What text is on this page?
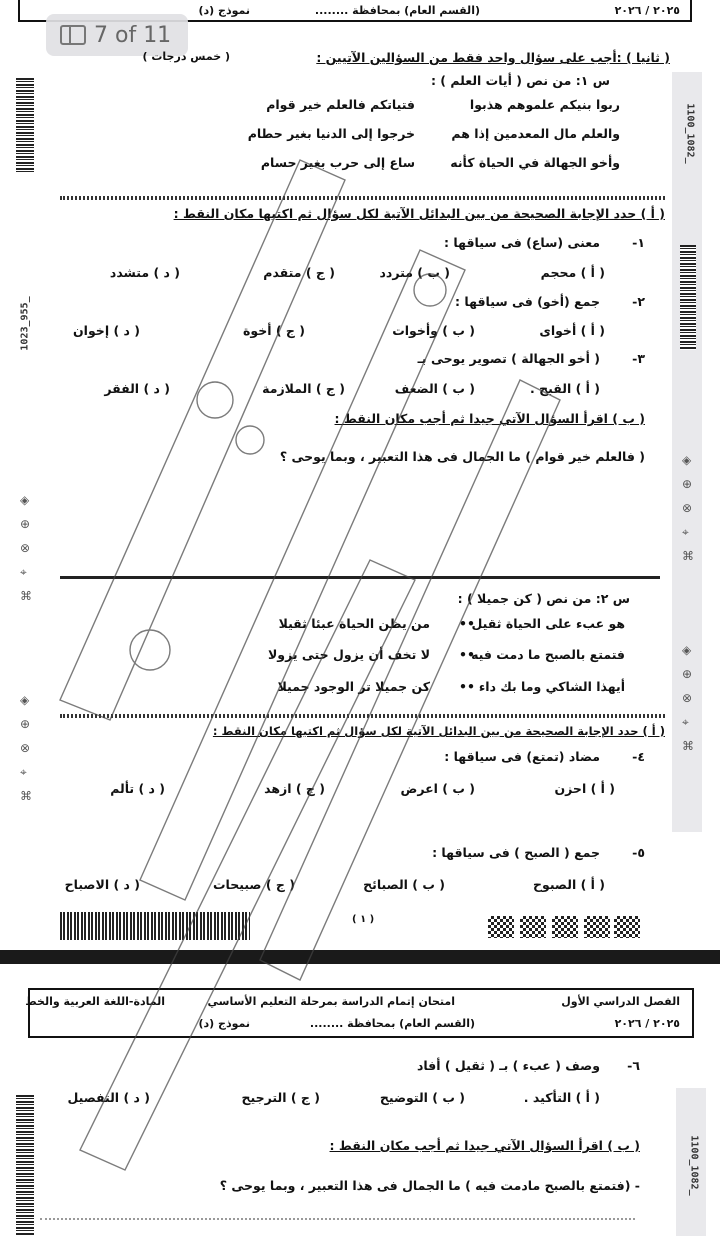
٢٠٢٥ / ٢٠٢٦
(القسم العام) بمحافظة ........
نموذج (د)
7 of 11
1023_955_
1100_1082_
◈
⊕
⊗
⌖
⌘
◈
⊕
⊗
⌖
⌘
◈
⊕
⊗
⌖
⌘
◈
⊕
⊗
⌖
⌘
( ثانيا ) :أجب على سؤال واحد فقط من السؤالين الآتيين :
( خمس درجات )
س ١: من نص ( أيات العلم ) :
ربوا بنيكم علموهم هذبوا
فتياتكم فالعلم خير قوام
والعلم مال المعدمين إذا هم
خرجوا إلى الدنيا بغير حطام
وأخو الجهالة في الحياة كأنه
ساع إلى حرب بغير حسام
( أ ) حدد الإجابة الصحيحة من بين البدائل الآتية لكل سؤال ثم اكتبها مكان النقط :
١-
معنى (ساع) فى سياقها :
( أ ) محجم
( ب ) متردد
( ج ) متقدم
( د ) متشدد
٢-
جمع (أخو) فى سياقها :
( أ ) أخواى
( ب ) وأخوات
( ج ) أخوة
( د ) إخوان
٣-
( أخو الجهالة ) تصوير يوحى بـ
( أ ) القبح .
( ب ) الضعف
( ج ) الملازمة
( د ) الفقر
( ب ) اقرأ السؤال الآتي جيدا ثم أجب مكان النقط :
( فالعلم خير قوام ) ما الجمال فى هذا التعبير ، وبما يوحى ؟
س ٢: من نص ( كن جميلا ) :
هو عبء على الحياة ثقيل
••
من يظن الحياة عبئا ثقيلا
فتمتع بالصبح ما دمت فيه
••
لا تخف أن يزول حتى يزولا
أيهذا الشاكي وما بك داء
••
كن جميلا تر الوجود جميلا
( أ ) حدد الإجابة الصحيحة من بين البدائل الآتية لكل سؤال ثم اكتبها مكان النقط :
٤-
مضاد (تمتع) فى سياقها :
( أ ) احزن
( ب ) اعرض
( ج ) ازهد
( د ) تألم
٥-
جمع ( الصبح ) فى سياقها :
( أ ) الصبوح
( ب ) الصبائح
( ج ) صبيحات
( د ) الاصباح
( ١ )
الفصل الدراسي الأول
امتحان إتمام الدراسة بمرحلة التعليم الأساسي
المادة-اللغة العربية والخط
٢٠٢٥ / ٢٠٢٦
(القسم العام) بمحافظة ........
نموذج (د)
1100_1082_
٦-
وصف ( عبء ) بـ ( ثقيل ) أفاد
( أ ) التأكيد .
( ب ) التوضيح
( ج ) الترجيح
( د ) التفصيل
( ب ) اقرأ السؤال الآتي جيدا ثم أجب مكان النقط :
- (فتمتع بالصبح مادمت فيه ) ما الجمال فى هذا التعبير ، وبما يوحى ؟
